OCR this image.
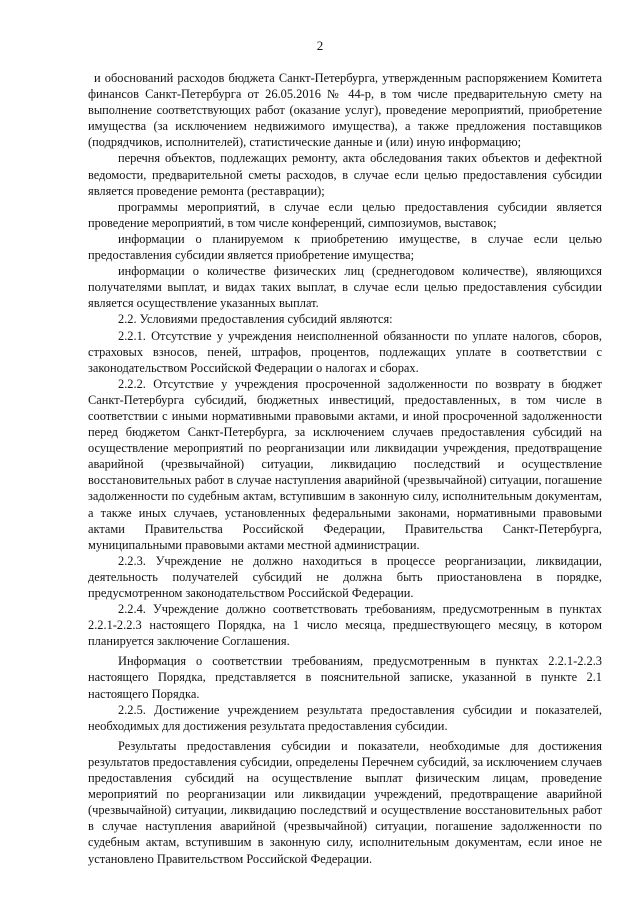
2

и обоснований расходов бюджета Санкт-Петербурга, утвержденным распоряжением Комитета финансов Санкт-Петербурга от 26.05.2016 № 44-р, в том числе предварительную смету на выполнение соответствующих работ (оказание услуг), проведение мероприятий, приобретение имущества (за исключением недвижимого имущества), а также предложения поставщиков (подрядчиков, исполнителей), статистические данные и (или) иную информацию;

перечня объектов, подлежащих ремонту, акта обследования таких объектов и дефектной ведомости, предварительной сметы расходов, в случае если целью предоставления субсидии является проведение ремонта (реставрации);

программы мероприятий, в случае если целью предоставления субсидии является проведение мероприятий, в том числе конференций, симпозиумов, выставок;

информации о планируемом к приобретению имуществе, в случае если целью предоставления субсидии является приобретение имущества;

информации о количестве физических лиц (среднегодовом количестве), являющихся получателями выплат, и видах таких выплат, в случае если целью предоставления субсидии является осуществление указанных выплат.

2.2. Условиями предоставления субсидий являются:

2.2.1. Отсутствие у учреждения неисполненной обязанности по уплате налогов, сборов, страховых взносов, пеней, штрафов, процентов, подлежащих уплате в соответствии с законодательством Российской Федерации о налогах и сборах.

2.2.2. Отсутствие у учреждения просроченной задолженности по возврату в бюджет Санкт-Петербурга субсидий, бюджетных инвестиций, предоставленных, в том числе в соответствии с иными нормативными правовыми актами, и иной просроченной задолженности перед бюджетом Санкт-Петербурга, за исключением случаев предоставления субсидий на осуществление мероприятий по реорганизации или ликвидации учреждения, предотвращение аварийной (чрезвычайной) ситуации, ликвидацию последствий и осуществление восстановительных работ в случае наступления аварийной (чрезвычайной) ситуации, погашение задолженности по судебным актам, вступившим в законную силу, исполнительным документам, а также иных случаев, установленных федеральными законами, нормативными правовыми актами Правительства Российской Федерации, Правительства Санкт-Петербурга, муниципальными правовыми актами местной администрации.

2.2.3. Учреждение не должно находиться в процессе реорганизации, ликвидации, деятельность получателей субсидий не должна быть приостановлена в порядке, предусмотренном законодательством Российской Федерации.

2.2.4. Учреждение должно соответствовать требованиям, предусмотренным в пунктах 2.2.1-2.2.3 настоящего Порядка, на 1 число месяца, предшествующего месяцу, в котором планируется заключение Соглашения.

Информация о соответствии требованиям, предусмотренным в пунктах 2.2.1-2.2.3 настоящего Порядка, представляется в пояснительной записке, указанной в пункте 2.1 настоящего Порядка.

2.2.5. Достижение учреждением результата предоставления субсидии и показателей, необходимых для достижения результата предоставления субсидии.

Результаты предоставления субсидии и показатели, необходимые для достижения результатов предоставления субсидии, определены Перечнем субсидий, за исключением случаев предоставления субсидий на осуществление выплат физическим лицам, проведение мероприятий по реорганизации или ликвидации учреждений, предотвращение аварийной (чрезвычайной) ситуации, ликвидацию последствий и осуществление восстановительных работ в случае наступления аварийной (чрезвычайной) ситуации, погашение задолженности по судебным актам, вступившим в законную силу, исполнительным документам, если иное не установлено Правительством Российской Федерации.
